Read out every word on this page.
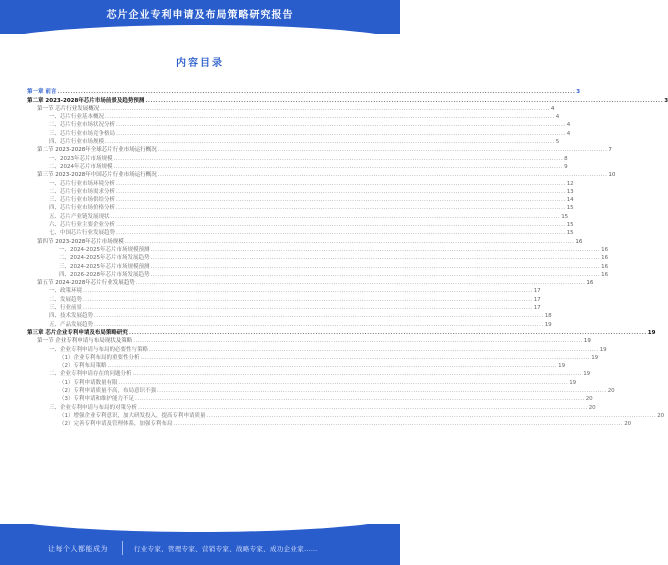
芯片企业专利申请及布局策略研究报告
内容目录
第一章 前言 ........................................................................................................................................................................................................ 3
第二章 2023-2028年芯片市场前景及趋势预测 ........................................................................................................................................................................................................ 3
第一节 芯片行业发展概况 ........................................................................................................................................................................................................ 4
一、芯片行业基本概况 ........................................................................................................................................................................................................ 4
二、芯片行业市场状况分析 ........................................................................................................................................................................................................ 4
三、芯片行业市场竞争格局 ........................................................................................................................................................................................................ 4
四、芯片行业市场规模 ........................................................................................................................................................................................................ 5
第二节 2023-2028年全球芯片行业市场运行概况 ........................................................................................................................................................................................................ 7
一、2023年芯片市场规模 ........................................................................................................................................................................................................ 8
二、2024年芯片市场规模 ........................................................................................................................................................................................................ 9
第三节 2023-2028年中国芯片行业市场运行概况 ........................................................................................................................................................................................................ 10
一、芯片行业市场环境分析 ........................................................................................................................................................................................................ 12
二、芯片行业市场需求分析 ........................................................................................................................................................................................................ 13
三、芯片行业市场供给分析 ........................................................................................................................................................................................................ 14
四、芯片行业市场价格分析 ........................................................................................................................................................................................................ 15
五、芯片产业链发展现状 ........................................................................................................................................................................................................ 15
六、芯片行业主要企业分析 ........................................................................................................................................................................................................ 15
七、中国芯片行业发展趋势 ........................................................................................................................................................................................................ 15
第四节 2023-2028年芯片市场规模 ........................................................................................................................................................................................................ 16
一、2024-2025年芯片市场规模预测 ........................................................................................................................................................................................................ 16
二、2024-2025年芯片市场发展趋势 ........................................................................................................................................................................................................ 16
三、2024-2025年芯片市场规模预测 ........................................................................................................................................................................................................ 16
四、2026-2028年芯片市场发展趋势 ........................................................................................................................................................................................................ 16
第五节 2024-2028年芯片行业发展趋势 ........................................................................................................................................................................................................ 16
一、政策环境 ........................................................................................................................................................................................................ 17
二、发展趋势 ........................................................................................................................................................................................................ 17
三、行业前景 ........................................................................................................................................................................................................ 17
四、技术发展趋势 ........................................................................................................................................................................................................ 18
五、产品发展趋势 ........................................................................................................................................................................................................ 19
第三章 芯片企业专利申请及布局策略研究 ........................................................................................................................................................................................................ 19
第一节 企业专利申请与布局现状及策略 ........................................................................................................................................................................................................ 19
一、企业专利申请与布局的必要性与策略 ........................................................................................................................................................................................................ 19
（1）企业专利布局的重要性分析 ........................................................................................................................................................................................................ 19
（2）专利布局策略 ........................................................................................................................................................................................................ 19
二、企业专利申请存在的问题分析 ........................................................................................................................................................................................................ 19
（1）专利申请数量有限 ........................................................................................................................................................................................................ 19
（2）专利申请质量不高，布局意识不强 ........................................................................................................................................................................................................ 20
（3）专利申请和维护能力不足 ........................................................................................................................................................................................................ 20
三、企业专利申请与布局的对策分析 ........................................................................................................................................................................................................ 20
（1）增强企业专利意识，加大研发投入，提高专利申请质量 ........................................................................................................................................................................................................ 20
（2）完善专利申请及管理体系，加强专利布局 ........................................................................................................................................................................................................ 20
让每个人都能成为	行业专家、管理专家、营销专家、战略专家、成功企业家……
